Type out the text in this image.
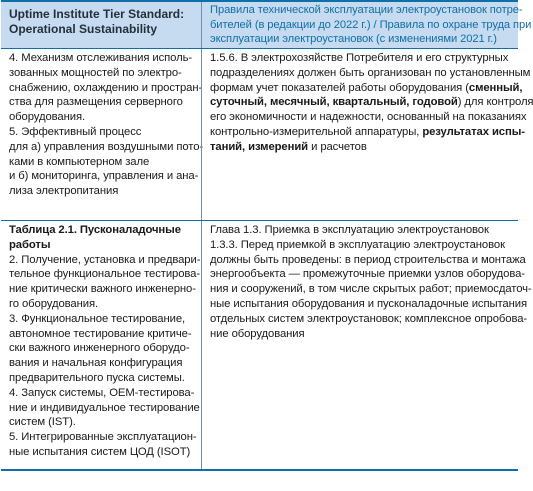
Uptime Institute Tier Standard:
Operational Sustainability
Правила технической эксплуатации электроустановок потре-
бителей (в редакции до 2022 г.) / Правила по охране труда при
эксплуатации электроустановок (с изменениями 2021 г.)
4. Механизм отслеживания исполь-
зованных мощностей по электро-
снабжению, охлаждению и простран-
ства для размещения серверного
оборудования.
5. Эффективный процесс
для а) управления воздушными пото-
ками в компьютерном зале
и б) мониторинга, управления и ана-
лиза электропитания
1.5.6. В электрохозяйстве Потребителя и его структурных
подразделениях должен быть организован по установленным
формам учет показателей работы оборудования (сменный,
суточный, месячный, квартальный, годовой) для контроля
его экономичности и надежности, основанный на показаниях
контрольно-измерительной аппаратуры, результатах испы-
таний, измерений и расчетов
Таблица 2.1. Пусконаладочные
работы
2. Получение, установка и предвари-
тельное функциональное тестирова-
ние критически важного инженерно-
го оборудования.
3. Функциональное тестирование,
автономное тестирование критиче-
ски важного инженерного оборудо-
вания и начальная конфигурация
предварительного пуска системы.
4. Запуск системы, OEM-тестирова-
ние и индивидуальное тестирование
систем (IST).
5. Интегрированные эксплуатацион-
ные испытания систем ЦОД (ISOT)
Глава 1.3. Приемка в эксплуатацию электроустановок
1.3.3. Перед приемкой в эксплуатацию электроустановок
должны быть проведены: в период строительства и монтажа
энергообъекта — промежуточные приемки узлов оборудова-
ния и сооружений, в том числе скрытых работ; приемосдаточ-
ные испытания оборудования и пусконаладочные испытания
отдельных систем электроустановок; комплексное опробова-
ние оборудования
